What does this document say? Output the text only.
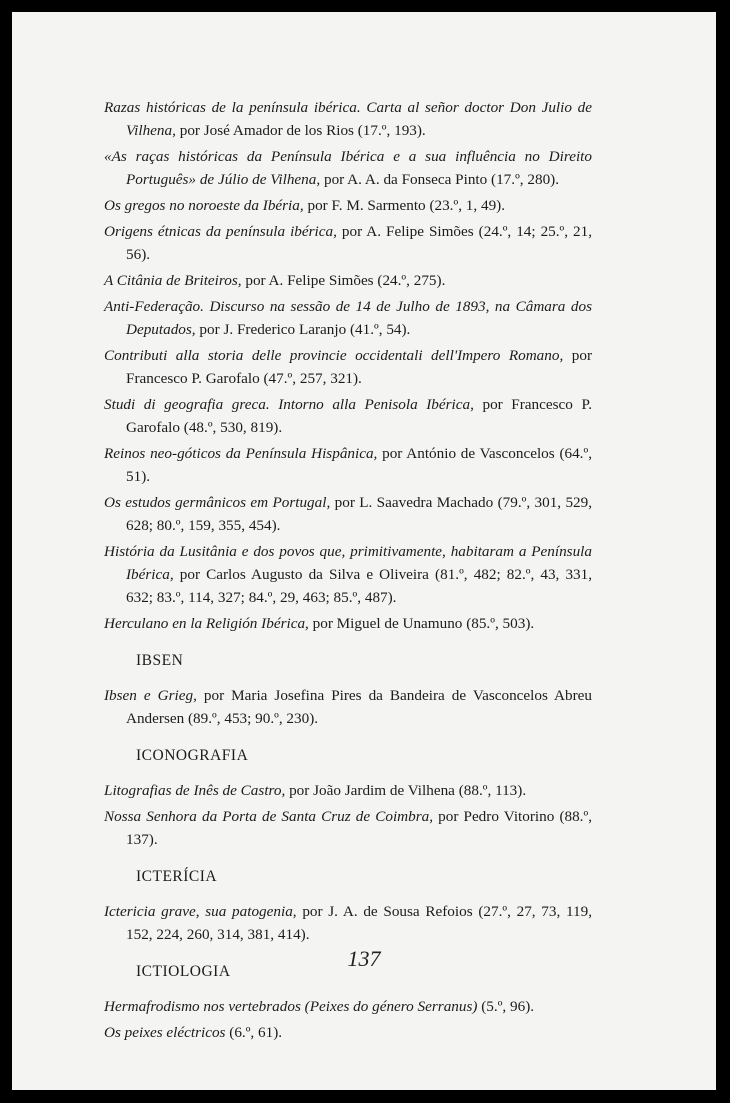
Razas históricas de la península ibérica. Carta al señor doctor Don Julio de Vilhena, por José Amador de los Rios (17.º, 193).

«As raças históricas da Península Ibérica e a sua influência no Direito Português» de Júlio de Vilhena, por A. A. da Fonseca Pinto (17.º, 280).

Os gregos no noroeste da Ibéria, por F. M. Sarmento (23.º, 1, 49).

Origens étnicas da península ibérica, por A. Felipe Simões (24.º, 14; 25.º, 21, 56).

A Citânia de Briteiros, por A. Felipe Simões (24.º, 275).

Anti-Federação. Discurso na sessão de 14 de Julho de 1893, na Câmara dos Deputados, por J. Frederico Laranjo (41.º, 54).

Contributi alla storia delle provincie occidentali dell'Impero Romano, por Francesco P. Garofalo (47.º, 257, 321).

Studi di geografia greca. Intorno alla Penisola Ibérica, por Francesco P. Garofalo (48.º, 530, 819).

Reinos neo-góticos da Península Hispânica, por António de Vasconcelos (64.º, 51).

Os estudos germânicos em Portugal, por L. Saavedra Machado (79.º, 301, 529, 628; 80.º, 159, 355, 454).

História da Lusitânia e dos povos que, primitivamente, habitaram a Península Ibérica, por Carlos Augusto da Silva e Oliveira (81.º, 482; 82.º, 43, 331, 632; 83.º, 114, 327; 84.º, 29, 463; 85.º, 487).

Herculano en la Religión Ibérica, por Miguel de Unamuno (85.º, 503).

IBSEN

Ibsen e Grieg, por Maria Josefina Pires da Bandeira de Vasconcelos Abreu Andersen (89.º, 453; 90.º, 230).

ICONOGRAFIA

Litografias de Inês de Castro, por João Jardim de Vilhena (88.º, 113).

Nossa Senhora da Porta de Santa Cruz de Coimbra, por Pedro Vitorino (88.º, 137).

ICTERÍCIA

Ictericia grave, sua patogenia, por J. A. de Sousa Refoios (27.º, 27, 73, 119, 152, 224, 260, 314, 381, 414).

ICTIOLOGIA

Hermafrodismo nos vertebrados (Peixes do género Serranus) (5.º, 96).

Os peixes eléctricos (6.º, 61).

137
